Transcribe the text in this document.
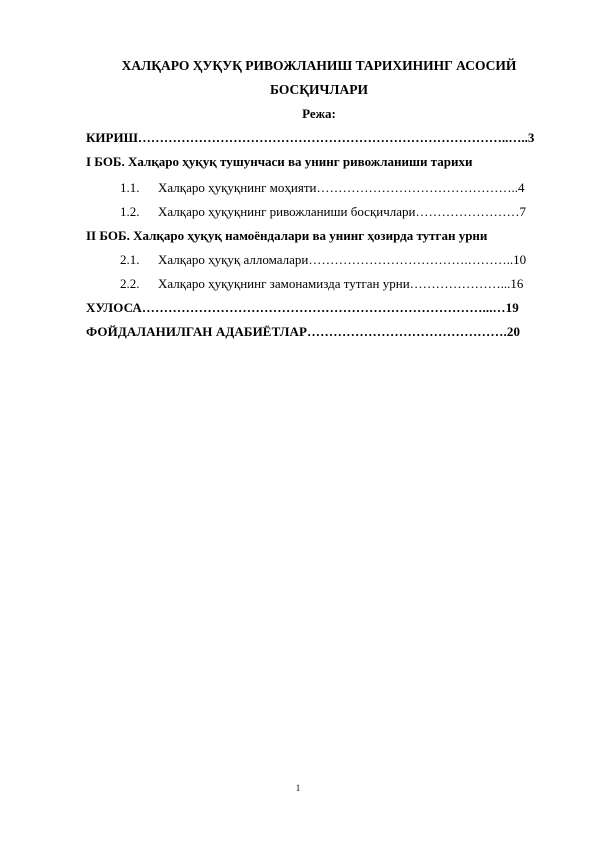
ХАЛҚАРО ҲУҚУҚ РИВОЖЛАНИШ ТАРИХИНИНГ АСОСИЙ
БОСҚИЧЛАРИ
Режа:
КИРИШ…………………………………………………………………………..…..3
I БОБ. Халқаро ҳуқуқ тушунчаси ва унинг ривожланиши тарихи
1.1. Халқаро ҳуқуқнинг моҳияти………………………………………..4
1.2. Халқаро ҳуқуқнинг ривожланиши босқичлари……………………7
II БОБ. Халқаро ҳуқуқ намоёндалари ва унинг ҳозирда тутган урни
2.1. Халқаро ҳуқуқ алломалари……………………………….………..10
2.2. Халқаро ҳуқуқнинг замонамизда тутган урни…………………...16
ХУЛОСА……………………………………………………………………...…19
ФОЙДАЛАНИЛГАН АДАБИЁТЛАР……………………………………….20
1
